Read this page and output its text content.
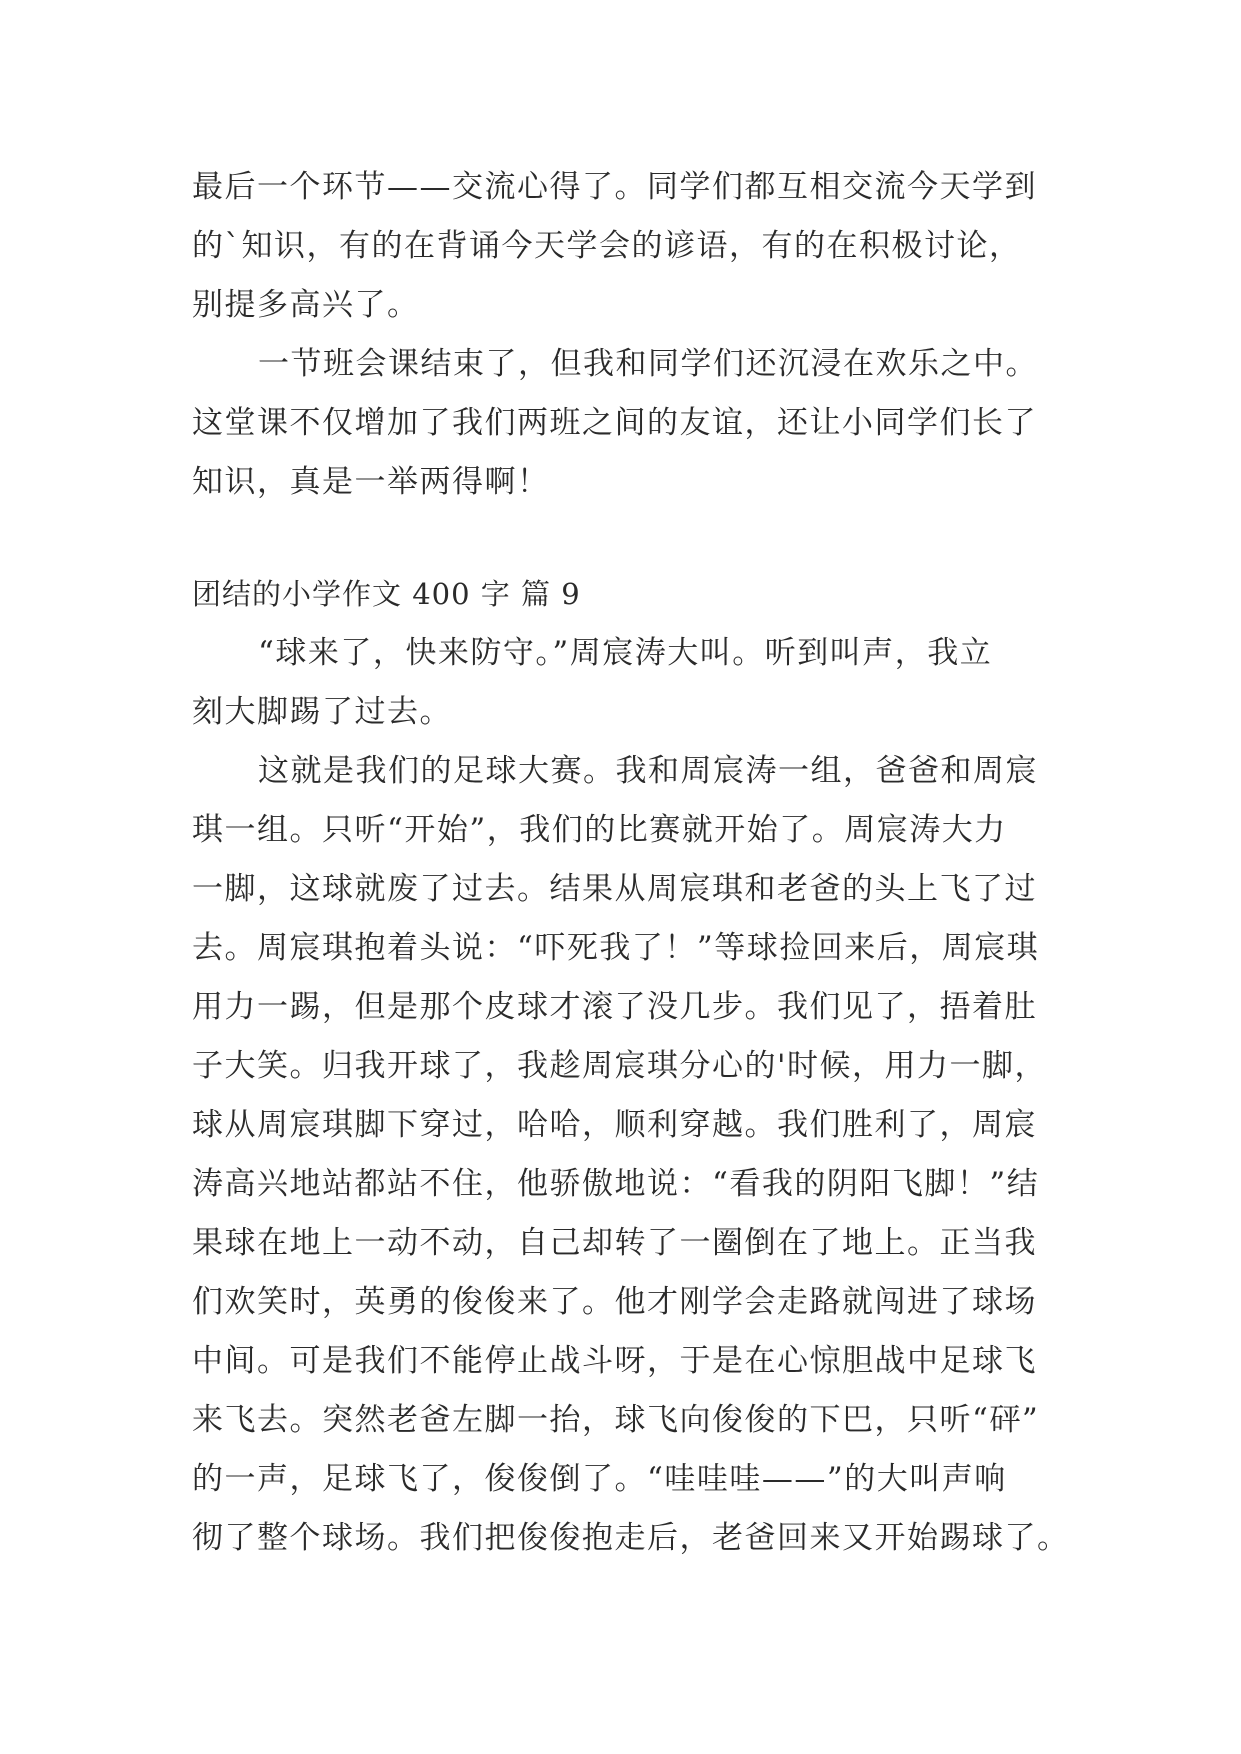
最后一个环节——交流心得了。同学们都互相交流今天学到
的`知识，有的在背诵今天学会的谚语，有的在积极讨论，
别提多高兴了。
一节班会课结束了，但我和同学们还沉浸在欢乐之中。
这堂课不仅增加了我们两班之间的友谊，还让小同学们长了
知识，真是一举两得啊！
团结的小学作文 400 字 篇 9
“球来了，快来防守。”周宸涛大叫。听到叫声，我立
刻大脚踢了过去。
这就是我们的足球大赛。我和周宸涛一组，爸爸和周宸
琪一组。只听“开始”，我们的比赛就开始了。周宸涛大力
一脚，这球就废了过去。结果从周宸琪和老爸的头上飞了过
去。周宸琪抱着头说：“吓死我了！”等球捡回来后，周宸琪
用力一踢，但是那个皮球才滚了没几步。我们见了，捂着肚
子大笑。归我开球了，我趁周宸琪分心的'时候，用力一脚，
球从周宸琪脚下穿过，哈哈，顺利穿越。我们胜利了，周宸
涛高兴地站都站不住，他骄傲地说：“看我的阴阳飞脚！”结
果球在地上一动不动，自己却转了一圈倒在了地上。正当我
们欢笑时，英勇的俊俊来了。他才刚学会走路就闯进了球场
中间。可是我们不能停止战斗呀，于是在心惊胆战中足球飞
来飞去。突然老爸左脚一抬，球飞向俊俊的下巴，只听“砰”
的一声，足球飞了，俊俊倒了。“哇哇哇——”的大叫声响
彻了整个球场。我们把俊俊抱走后，老爸回来又开始踢球了。
